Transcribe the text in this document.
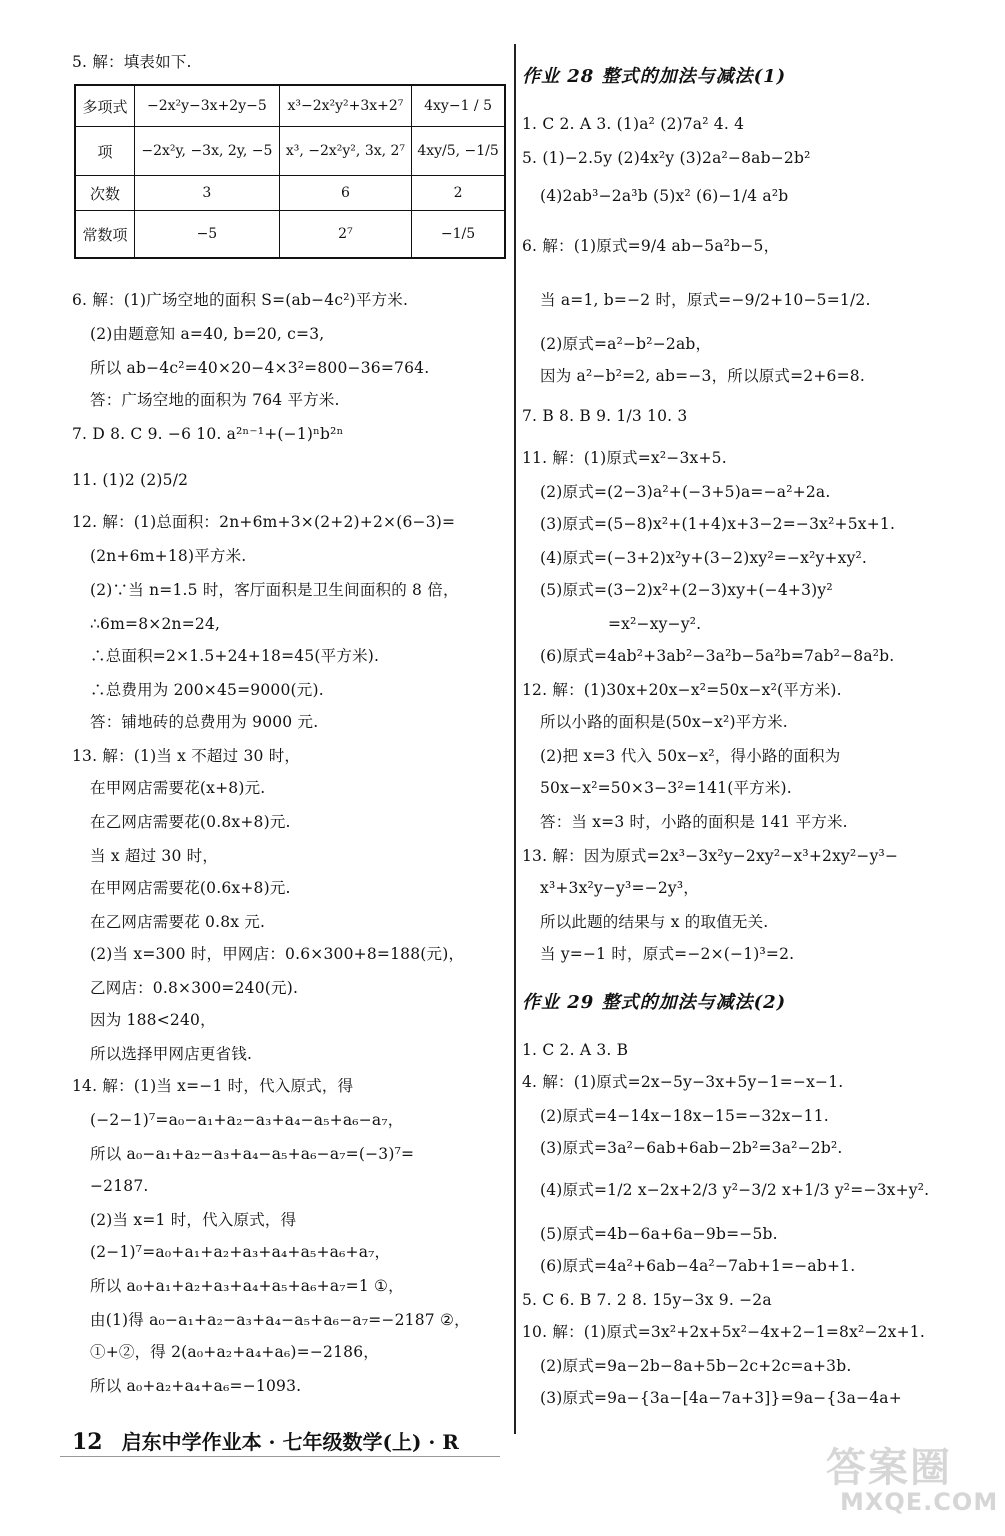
5. 解：填表如下.
多项式	−2x²y−3x+2y−5	x³−2x²y²+3x+2⁷	4xy−1 / 5
项	−2x²y, −3x, 2y, −5	x³, −2x²y², 3x, 2⁷	4xy/5, −1/5
次数	3	6	2
常数项	−5	2⁷	−1/5
6. 解：(1)广场空地的面积 S=(ab−4c²)平方米.
(2)由题意知 a=40, b=20, c=3,
所以 ab−4c²=40×20−4×3²=800−36=764.
答：广场空地的面积为 764 平方米.
7. D 8. C 9. −6 10. a²ⁿ⁻¹+(−1)ⁿb²ⁿ
11. (1)2 (2)5/2
12. 解：(1)总面积：2n+6m+3×(2+2)+2×(6−3)=
(2n+6m+18)平方米.
(2)∵当 n=1.5 时，客厅面积是卫生间面积的 8 倍，
∴6m=8×2n=24,
∴总面积=2×1.5+24+18=45(平方米).
∴总费用为 200×45=9000(元).
答：铺地砖的总费用为 9000 元.
13. 解：(1)当 x 不超过 30 时，
在甲网店需要花(x+8)元.
在乙网店需要花(0.8x+8)元.
当 x 超过 30 时，
在甲网店需要花(0.6x+8)元.
在乙网店需要花 0.8x 元.
(2)当 x=300 时，甲网店：0.6×300+8=188(元)，
乙网店：0.8×300=240(元).
因为 188<240，
所以选择甲网店更省钱.
14. 解：(1)当 x=−1 时，代入原式，得
(−2−1)⁷=a₀−a₁+a₂−a₃+a₄−a₅+a₆−a₇，
所以 a₀−a₁+a₂−a₃+a₄−a₅+a₆−a₇=(−3)⁷=
−2187.
(2)当 x=1 时，代入原式，得
(2−1)⁷=a₀+a₁+a₂+a₃+a₄+a₅+a₆+a₇，
所以 a₀+a₁+a₂+a₃+a₄+a₅+a₆+a₇=1 ①，
由(1)得 a₀−a₁+a₂−a₃+a₄−a₅+a₆−a₇=−2187 ②，
①+②，得 2(a₀+a₂+a₄+a₆)=−2186，
所以 a₀+a₂+a₄+a₆=−1093.
作业 28 整式的加法与减法(1)
1. C 2. A 3. (1)a² (2)7a² 4. 4
5. (1)−2.5y (2)4x²y (3)2a²−8ab−2b²
(4)2ab³−2a³b (5)x² (6)−1/4 a²b
6. 解：(1)原式=9/4 ab−5a²b−5，
当 a=1, b=−2 时，原式=−9/2+10−5=1/2.
(2)原式=a²−b²−2ab，
因为 a²−b²=2, ab=−3，所以原式=2+6=8.
7. B 8. B 9. 1/3 10. 3
11. 解：(1)原式=x²−3x+5.
(2)原式=(2−3)a²+(−3+5)a=−a²+2a.
(3)原式=(5−8)x²+(1+4)x+3−2=−3x²+5x+1.
(4)原式=(−3+2)x²y+(3−2)xy²=−x²y+xy².
(5)原式=(3−2)x²+(2−3)xy+(−4+3)y²
=x²−xy−y².
(6)原式=4ab²+3ab²−3a²b−5a²b=7ab²−8a²b.
12. 解：(1)30x+20x−x²=50x−x²(平方米).
所以小路的面积是(50x−x²)平方米.
(2)把 x=3 代入 50x−x²，得小路的面积为
50x−x²=50×3−3²=141(平方米).
答：当 x=3 时，小路的面积是 141 平方米.
13. 解：因为原式=2x³−3x²y−2xy²−x³+2xy²−y³−
x³+3x²y−y³=−2y³，
所以此题的结果与 x 的取值无关.
当 y=−1 时，原式=−2×(−1)³=2.
作业 29 整式的加法与减法(2)
1. C 2. A 3. B
4. 解：(1)原式=2x−5y−3x+5y−1=−x−1.
(2)原式=4−14x−18x−15=−32x−11.
(3)原式=3a²−6ab+6ab−2b²=3a²−2b².
(4)原式=1/2 x−2x+2/3 y²−3/2 x+1/3 y²=−3x+y².
(5)原式=4b−6a+6a−9b=−5b.
(6)原式=4a²+6ab−4a²−7ab+1=−ab+1.
5. C 6. B 7. 2 8. 15y−3x 9. −2a
10. 解：(1)原式=3x²+2x+5x²−4x+2−1=8x²−2x+1.
(2)原式=9a−2b−8a+5b−2c+2c=a+3b.
(3)原式=9a−{3a−[4a−7a+3]}=9a−{3a−4a+
12 启东中学作业本 · 七年级数学(上) · R
答案圈
MXQE.COM
